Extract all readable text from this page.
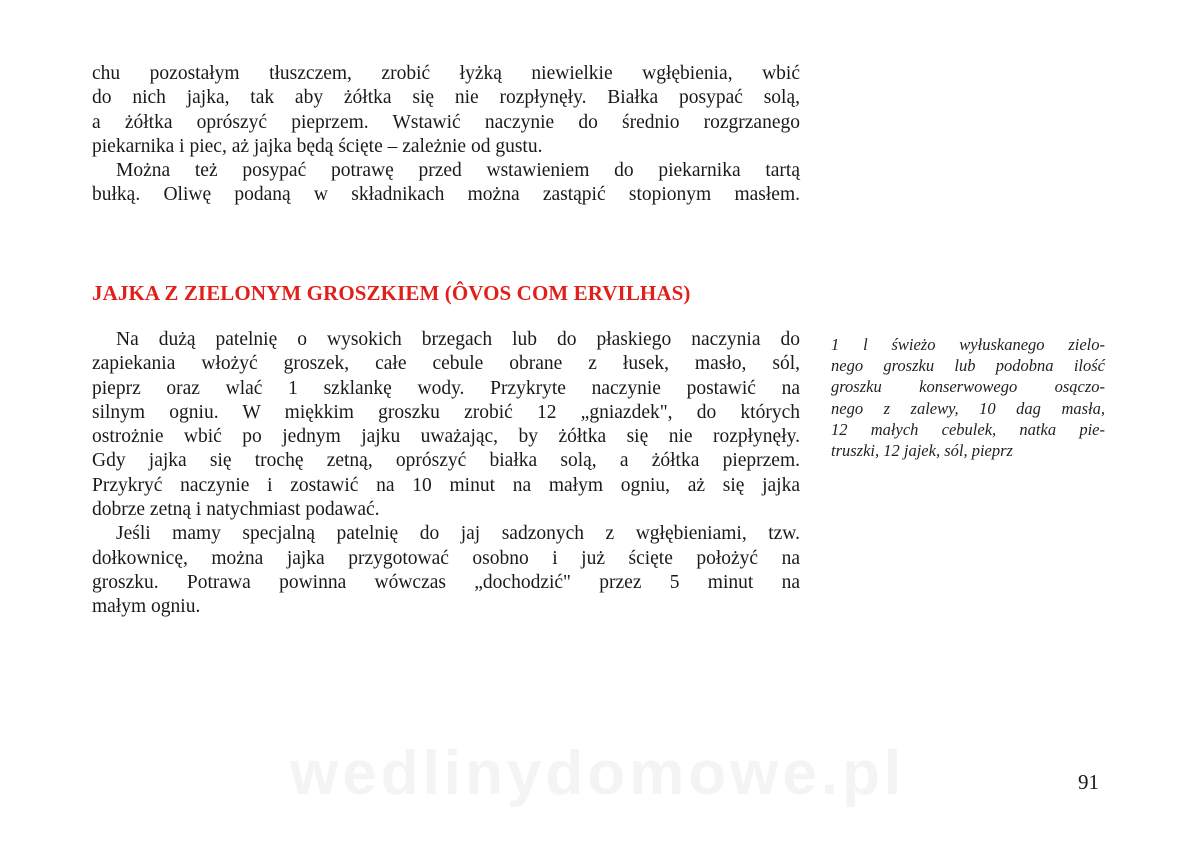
chu pozostałym tłuszczem, zrobić łyżką niewielkie wgłębienia, wbić
do nich jajka, tak aby żółtka się nie rozpłynęły. Białka posypać solą,
a żółtka oprószyć pieprzem. Wstawić naczynie do średnio rozgrzanego
piekarnika i piec, aż jajka będą ścięte – zależnie od gustu.
Można też posypać potrawę przed wstawieniem do piekarnika tartą
bułką. Oliwę podaną w składnikach można zastąpić stopionym masłem.

JAJKA Z ZIELONYM GROSZKIEM (ÔVOS COM ERVILHAS)

Na dużą patelnię o wysokich brzegach lub do płaskiego naczynia do
zapiekania włożyć groszek, całe cebule obrane z łusek, masło, sól,
pieprz oraz wlać 1 szklankę wody. Przykryte naczynie postawić na
silnym ogniu. W miękkim groszku zrobić 12 „gniazdek", do których
ostrożnie wbić po jednym jajku uważając, by żółtka się nie rozpłynęły.
Gdy jajka się trochę zetną, oprószyć białka solą, a żółtka pieprzem.
Przykryć naczynie i zostawić na 10 minut na małym ogniu, aż się jajka
dobrze zetną i natychmiast podawać.
Jeśli mamy specjalną patelnię do jaj sadzonych z wgłębieniami, tzw.
dołkownicę, można jajka przygotować osobno i już ścięte położyć na
groszku. Potrawa powinna wówczas „dochodzić" przez 5 minut na
małym ogniu.

1 l świeżo wyłuskanego zielo-
nego groszku lub podobna ilość
groszku konserwowego osączo-
nego z zalewy, 10 dag masła,
12 małych cebulek, natka pie-
truszki, 12 jajek, sól, pieprz
wedlinydomowe.pl	91
